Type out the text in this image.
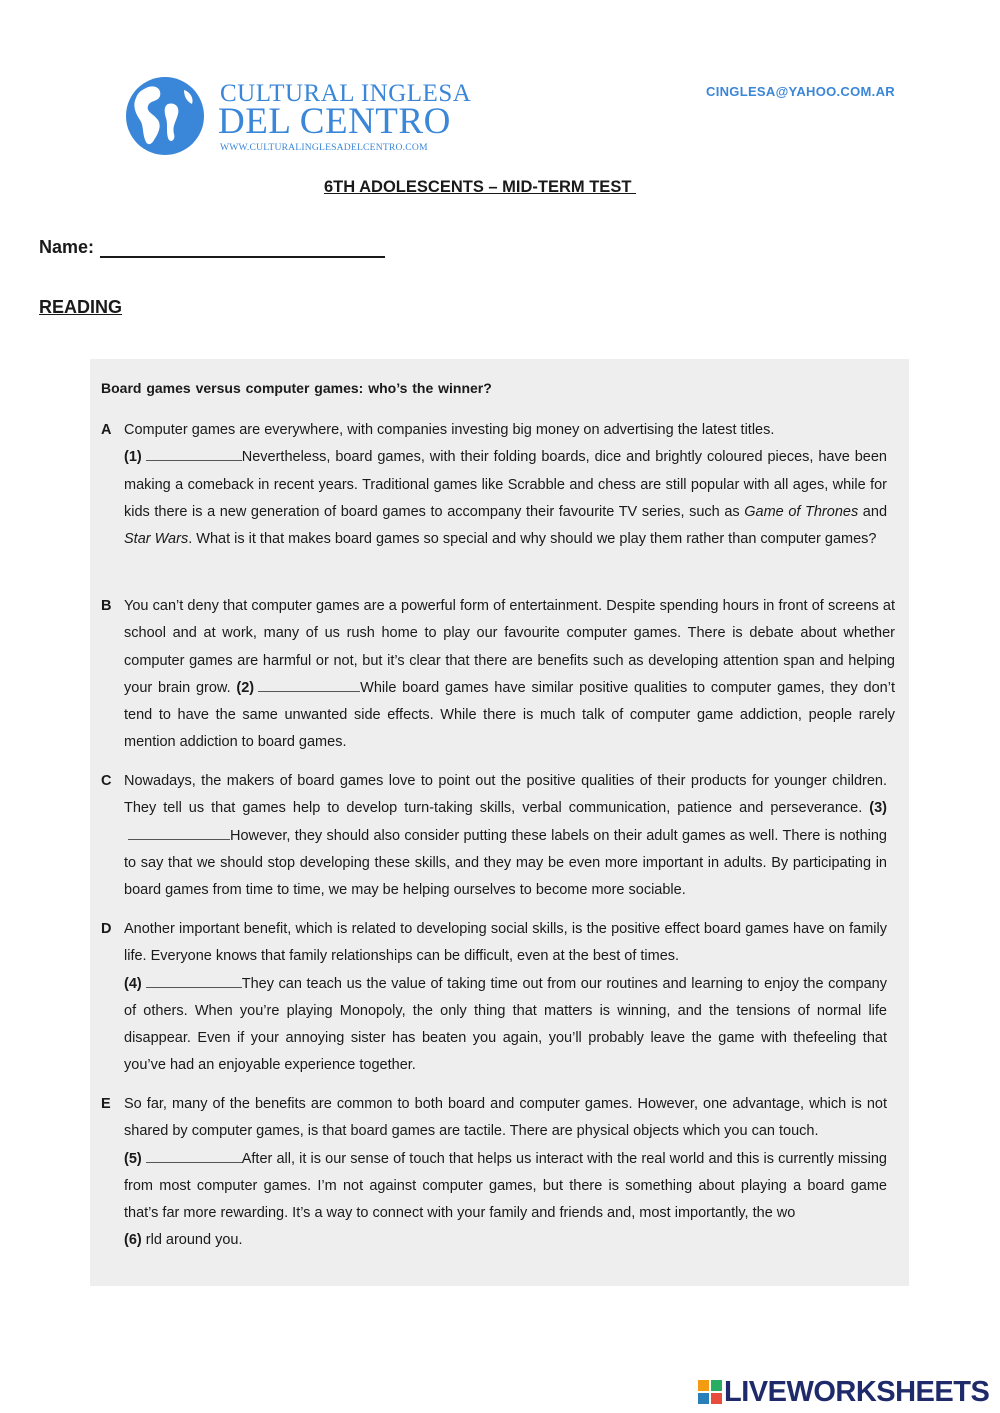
CULTURAL INGLESA
DEL CENTRO
WWW.CULTURALINGLESADELCENTRO.COM
CINGLESA@YAHOO.COM.AR
6TH ADOLESCENTS – MID-TERM TEST
Name:
READING
Board games versus computer games: who’s the winner?
A Computer games are everywhere, with companies investing big money on advertising the latest titles.
(1)	Nevertheless, board games, with their folding boards, dice and brightly coloured pieces, have been making a comeback in recent years. Traditional games like Scrabble and chess are still popular with all ages, while for kids there is a new generation of board games to accompany their favourite TV series, such as Game of Thrones and Star Wars. What is it that makes board games so special and why should we play them rather than computer games?
B You can’t deny that computer games are a powerful form of entertainment. Despite spending hours in front of screens at school and at work, many of us rush home to play our favourite computer games. There is debate about whether computer games are harmful or not, but it’s clear that there are benefits such as developing attention span and helping your brain grow. (2)	While board games have similar positive qualities to computer games, they don’t tend to have the same unwanted side effects. While there is much talk of computer game addiction, people rarely mention addiction to board games.
C Nowadays, the makers of board games love to point out the positive qualities of their products for younger children. They tell us that games help to develop turn-taking skills, verbal communication, patience and perseverance. (3)However, they should also consider putting these labels on their adult games as well. There is nothing to say that we should stop developing these skills, and they may be even more important in adults. By participating in board games from time to time, we may be helping ourselves to become more sociable.
D Another important benefit, which is related to developing social skills, is the positive effect board games have on family life. Everyone knows that family relationships can be difficult, even at the best of times.
(4)	They can teach us the value of taking time out from our routines and learning to enjoy the company of others. When you’re playing Monopoly, the only thing that matters is winning, and the tensions of normal life disappear. Even if your annoying sister has beaten you again, you’ll probably leave the game with thefeeling that you’ve had an enjoyable experience together.
E So far, many of the benefits are common to both board and computer games. However, one advantage, which is not shared by computer games, is that board games are tactile. There are physical objects which you can touch.
(5)	After all, it is our sense of touch that helps us interact with the real world and this is currently missing from most computer games. I’m not against computer games, but there is something about playing a board game that’s far more rewarding. It’s a way to connect with your family and friends and, most importantly, the wo
(6) rld around you.
LIVEWORKSHEETS
